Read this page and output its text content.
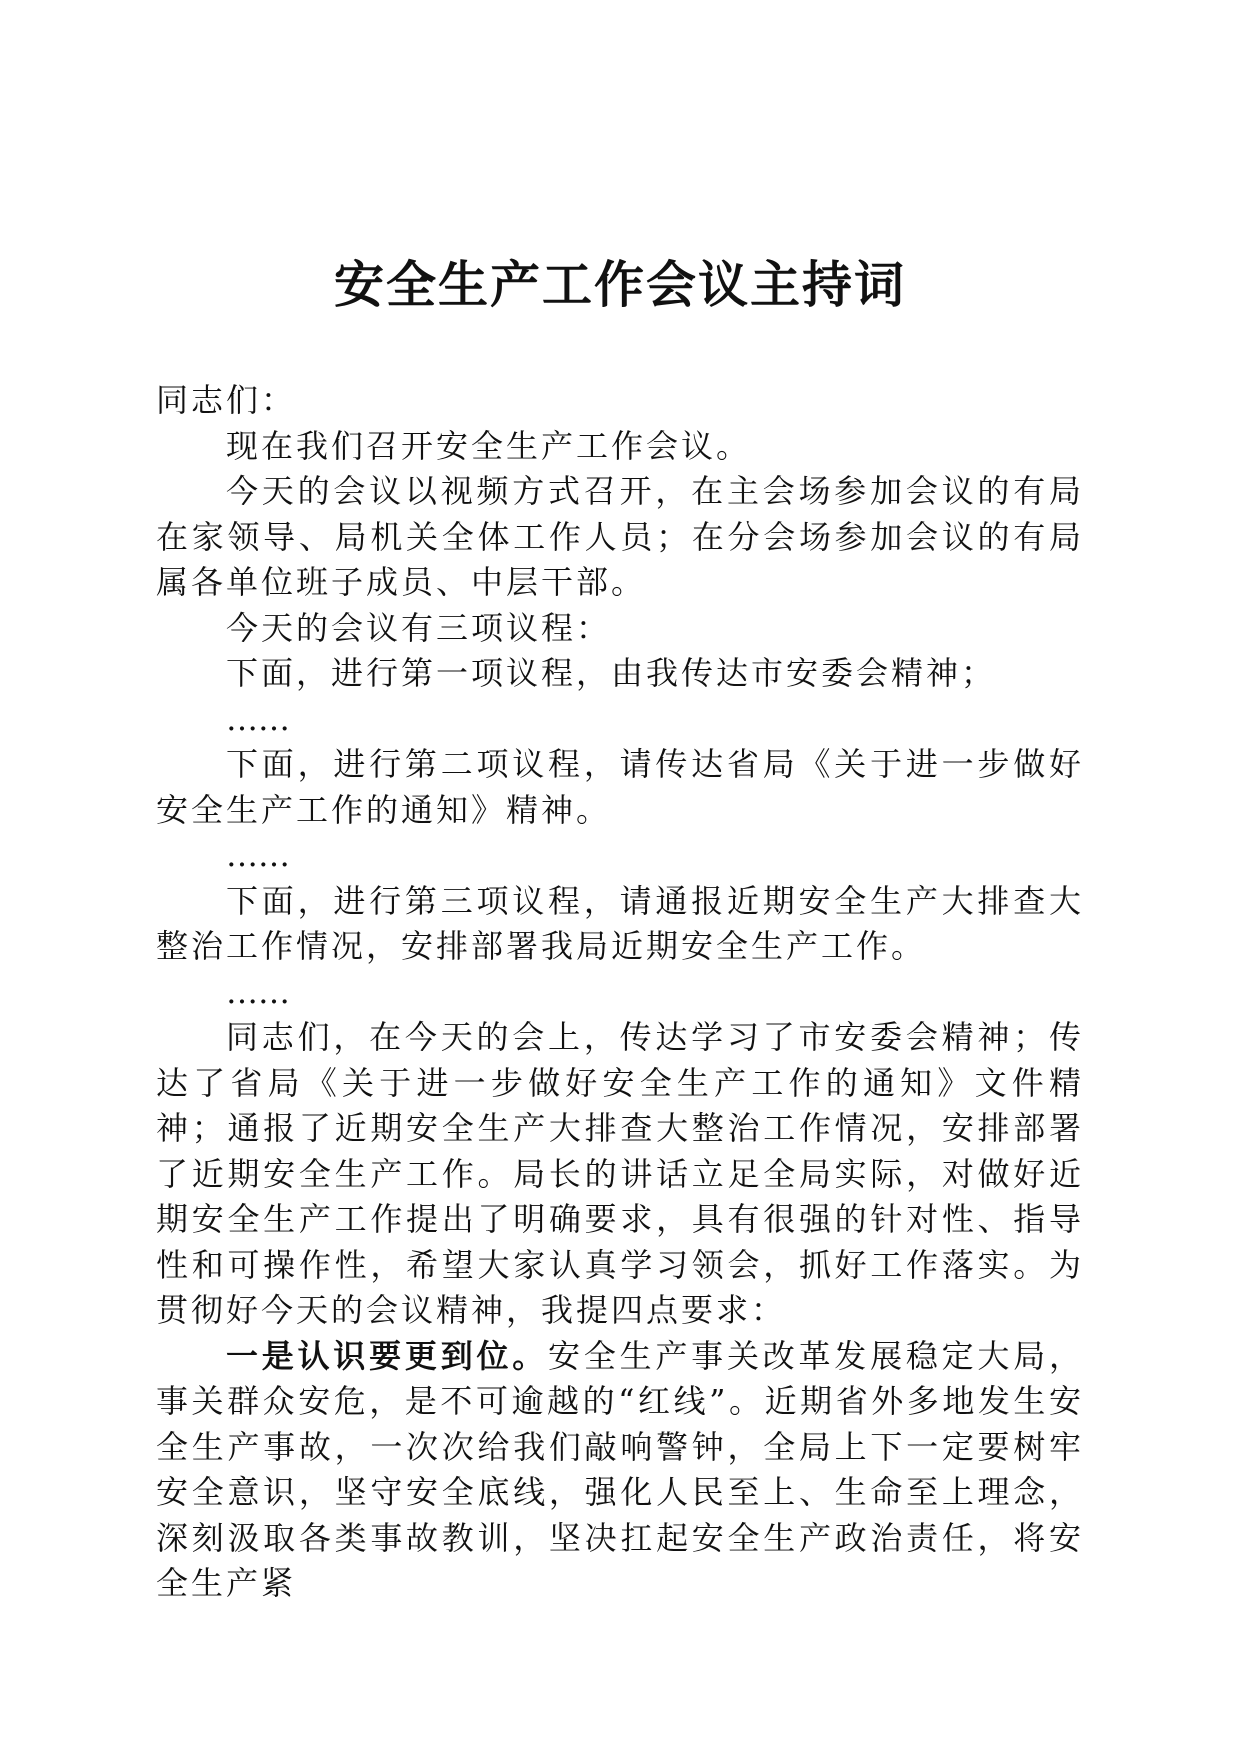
安全生产工作会议主持词

同志们：

现在我们召开安全生产工作会议。

今天的会议以视频方式召开，在主会场参加会议的有局在家领导、局机关全体工作人员；在分会场参加会议的有局属各单位班子成员、中层干部。

今天的会议有三项议程：

下面，进行第一项议程，由我传达市安委会精神；

……

下面，进行第二项议程，请传达省局《关于进一步做好安全生产工作的通知》精神。

……

下面，进行第三项议程，请通报近期安全生产大排查大整治工作情况，安排部署我局近期安全生产工作。

……

同志们，在今天的会上，传达学习了市安委会精神；传达了省局《关于进一步做好安全生产工作的通知》文件精神；通报了近期安全生产大排查大整治工作情况，安排部署了近期安全生产工作。局长的讲话立足全局实际，对做好近期安全生产工作提出了明确要求，具有很强的针对性、指导性和可操作性，希望大家认真学习领会，抓好工作落实。为贯彻好今天的会议精神，我提四点要求：

一是认识要更到位。安全生产事关改革发展稳定大局，事关群众安危，是不可逾越的“红线”。近期省外多地发生安全生产事故，一次次给我们敲响警钟，全局上下一定要树牢安全意识，坚守安全底线，强化人民至上、生命至上理念，深刻汲取各类事故教训，坚决扛起安全生产政治责任，将安全生产紧
